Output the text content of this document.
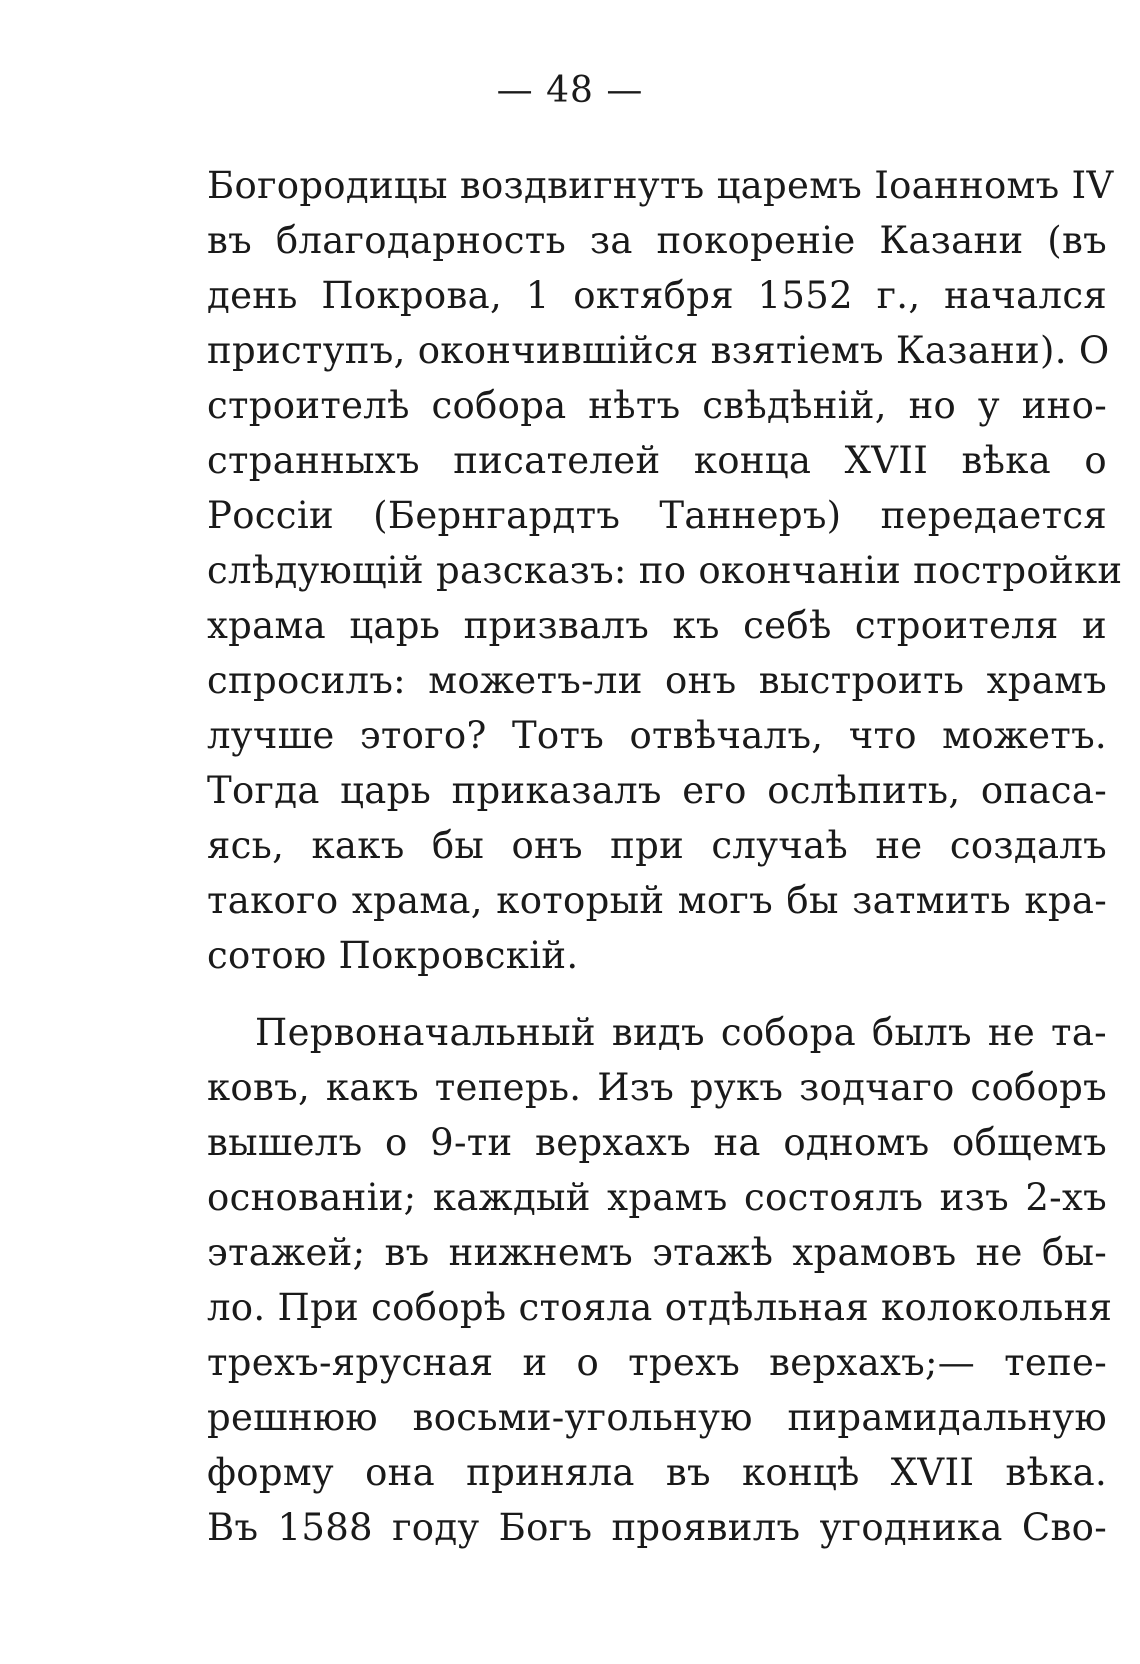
— 48 —
Богородицы воздвигнутъ царемъ Іоанномъ IV
въ благодарность за покореніе Казани (въ
день Покрова, 1 октября 1552 г., начался
приступъ, окончившійся взятіемъ Казани). О
строителѣ собора нѣтъ свѣдѣній, но у ино-
странныхъ писателей конца XVII вѣка о
Россіи (Бернгардтъ Таннеръ) передается
слѣдующій разсказъ: по окончаніи постройки
храма царь призвалъ къ себѣ строителя и
спросилъ: можетъ-ли онъ выстроить храмъ
лучше этого? Тотъ отвѣчалъ, что можетъ.
Тогда царь приказалъ его ослѣпить, опаса-
ясь, какъ бы онъ при случаѣ не создалъ
такого храма, который могъ бы затмить кра-
сотою Покровскій.
Первоначальный видъ собора былъ не та-
ковъ, какъ теперь. Изъ рукъ зодчаго соборъ
вышелъ о 9-ти верхахъ на одномъ общемъ
основаніи; каждый храмъ состоялъ изъ 2-хъ
этажей; въ нижнемъ этажѣ храмовъ не бы-
ло. При соборѣ стояла отдѣльная колокольня
трехъ-ярусная и о трехъ верхахъ;— тепе-
решнюю восьми-угольную пирамидальную
форму она приняла въ концѣ XVII вѣка.
Въ 1588 году Богъ проявилъ угодника Сво-
